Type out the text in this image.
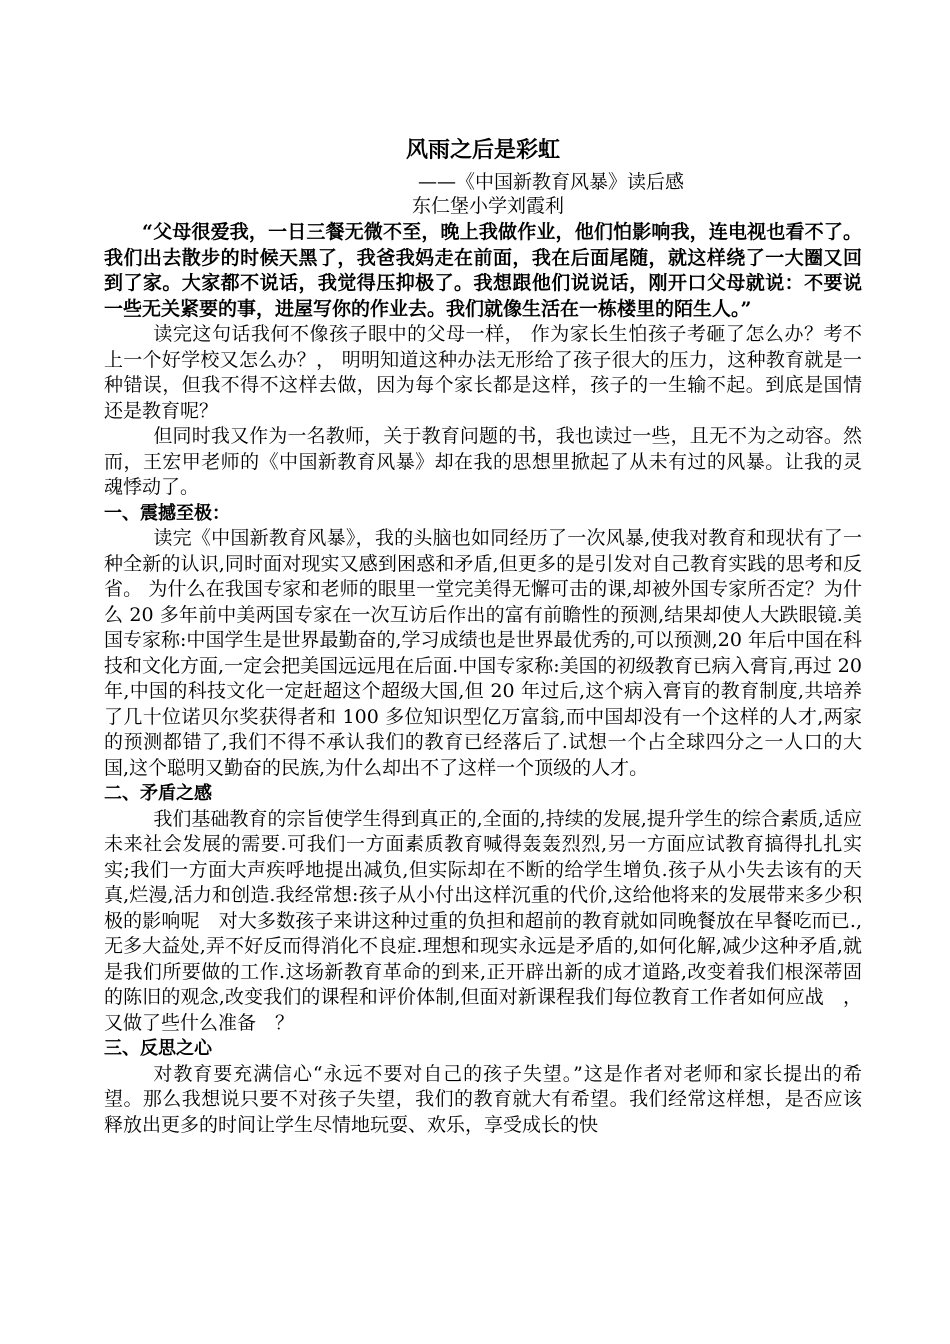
风雨之后是彩虹
——《中国新教育风暴》读后感
东仁堡小学刘霞利

“父母很爱我，一日三餐无微不至，晚上我做作业，他们怕影响我，连电视也看不了。我们出去散步的时候天黑了，我爸我妈走在前面，我在后面尾随，就这样绕了一大圈又回到了家。大家都不说话，我觉得压抑极了。我想跟他们说说话，刚开口父母就说：不要说一些无关紧要的事，进屋写你的作业去。我们就像生活在一栋楼里的陌生人。”

读完这句话我何不像孩子眼中的父母一样， 作为家长生怕孩子考砸了怎么办？考不上一个好学校又怎么办？， 明明知道这种办法无形给了孩子很大的压力，这种教育就是一种错误，但我不得不这样去做，因为每个家长都是这样，孩子的一生输不起。到底是国情还是教育呢？

但同时我又作为一名教师，关于教育问题的书，我也读过一些，且无不为之动容。然而，王宏甲老师的《中国新教育风暴》却在我的思想里掀起了从未有过的风暴。让我的灵魂悸动了。

一、震撼至极：

读完《中国新教育风暴》，我的头脑也如同经历了一次风暴,使我对教育和现状有了一种全新的认识,同时面对现实又感到困惑和矛盾,但更多的是引发对自己教育实践的思考和反省。 为什么在我国专家和老师的眼里一堂完美得无懈可击的课,却被外国专家所否定？为什么 20 多年前中美两国专家在一次互访后作出的富有前瞻性的预测,结果却使人大跌眼镜.美国专家称:中国学生是世界最勤奋的,学习成绩也是世界最优秀的,可以预测,20 年后中国在科技和文化方面,一定会把美国远远甩在后面.中国专家称:美国的初级教育已病入膏肓,再过 20 年,中国的科技文化一定赶超这个超级大国,但 20 年过后,这个病入膏肓的教育制度,共培养了几十位诺贝尔奖获得者和 100 多位知识型亿万富翁,而中国却没有一个这样的人才,两家的预测都错了,我们不得不承认我们的教育已经落后了.试想一个占全球四分之一人口的大国,这个聪明又勤奋的民族,为什么却出不了这样一个顶级的人才。

二、矛盾之感

我们基础教育的宗旨使学生得到真正的,全面的,持续的发展,提升学生的综合素质,适应未来社会发展的需要.可我们一方面素质教育喊得轰轰烈烈,另一方面应试教育搞得扎扎实实;我们一方面大声疾呼地提出减负,但实际却在不断的给学生增负.孩子从小失去该有的天真,烂漫,活力和创造.我经常想:孩子从小付出这样沉重的代价,这给他将来的发展带来多少积极的影响呢　对大多数孩子来讲这种过重的负担和超前的教育就如同晚餐放在早餐吃而已.,无多大益处,弄不好反而得消化不良症.理想和现实永远是矛盾的,如何化解,减少这种矛盾,就是我们所要做的工作.这场新教育革命的到来,正开辟出新的成才道路,改变着我们根深蒂固的陈旧的观念,改变我们的课程和评价体制,但面对新课程我们每位教育工作者如何应战　，又做了些什么准备　？

三、反思之心

对教育要充满信心“永远不要对自己的孩子失望。”这是作者对老师和家长提出的希望。那么我想说只要不对孩子失望，我们的教育就大有希望。我们经常这样想，是否应该释放出更多的时间让学生尽情地玩耍、欢乐，享受成长的快
